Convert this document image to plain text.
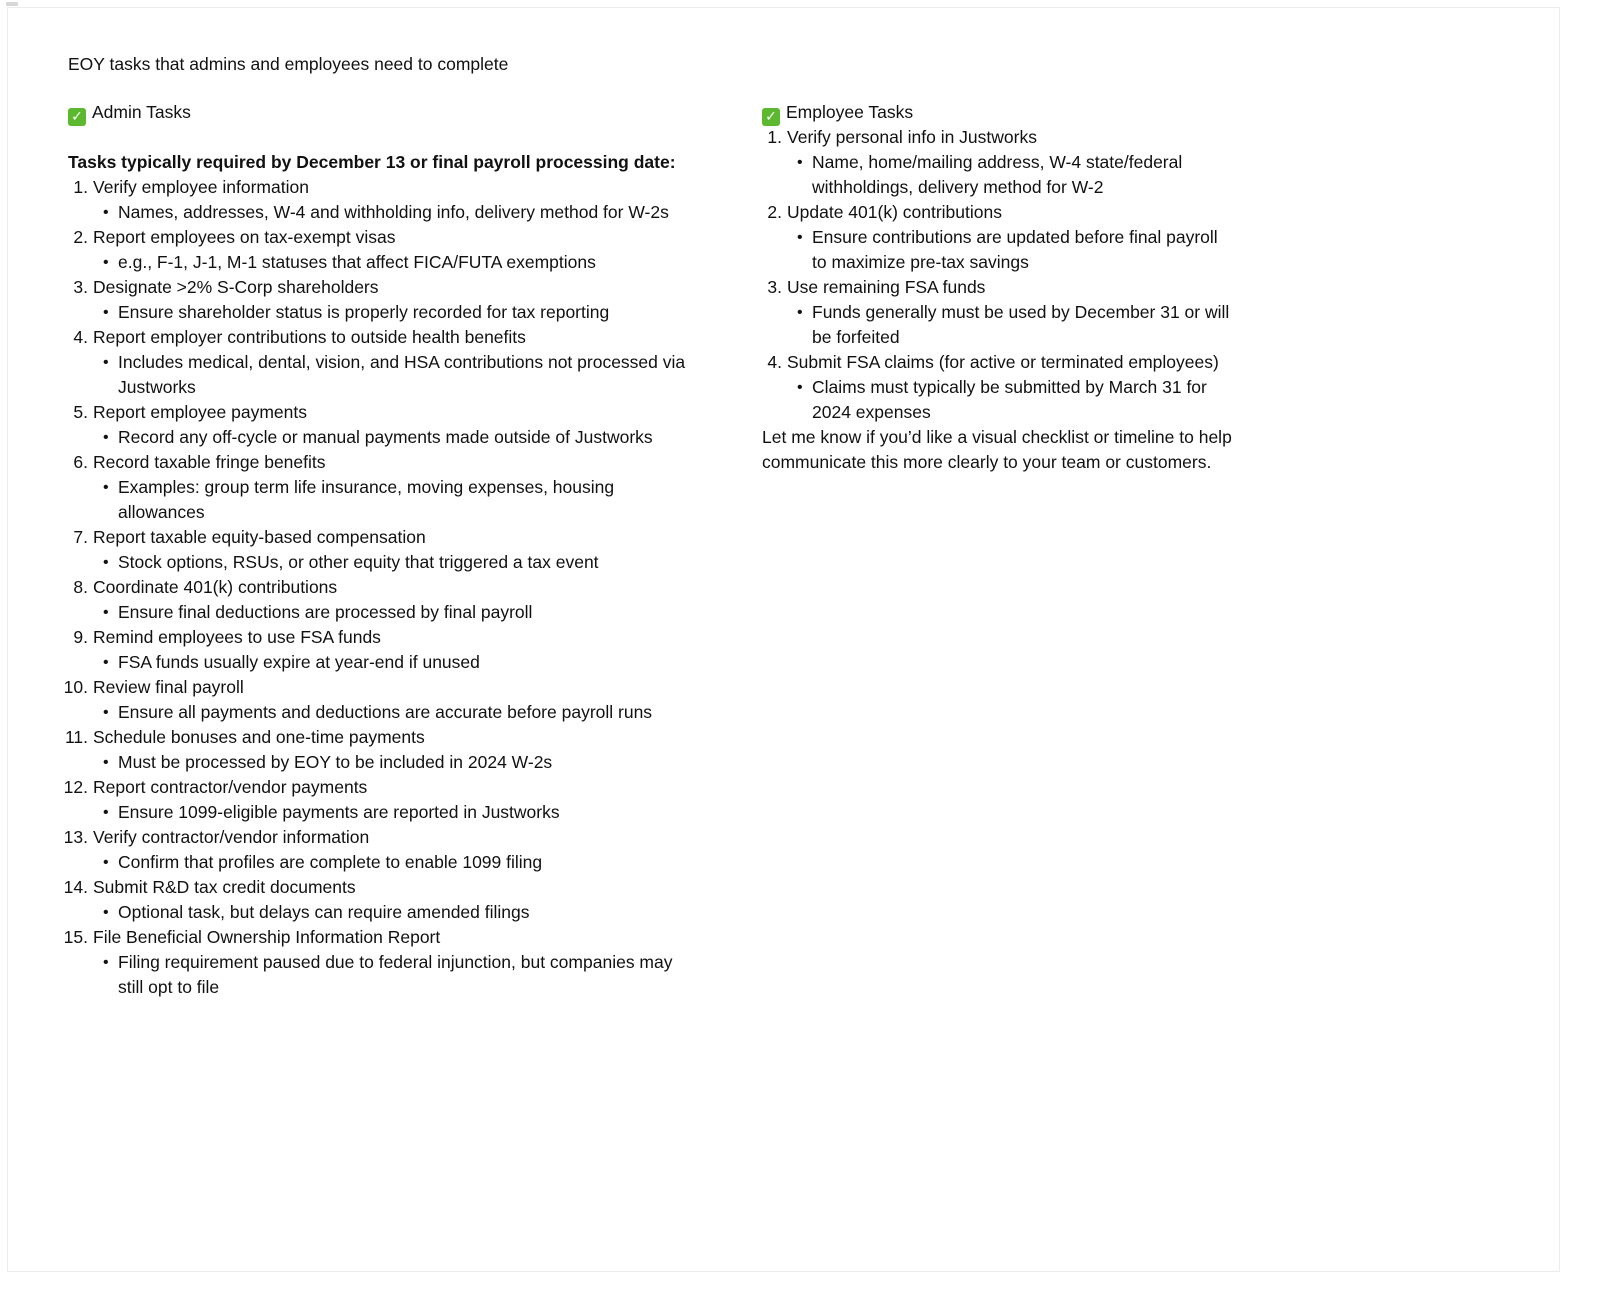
EOY tasks that admins and employees need to complete

✓ Admin Tasks

Tasks typically required by December 13 or final payroll processing date:

1. Verify employee information
• Names, addresses, W-4 and withholding info, delivery method for W-2s
2. Report employees on tax-exempt visas
• e.g., F-1, J-1, M-1 statuses that affect FICA/FUTA exemptions
3. Designate >2% S-Corp shareholders
• Ensure shareholder status is properly recorded for tax reporting
4. Report employer contributions to outside health benefits
• Includes medical, dental, vision, and HSA contributions not processed via Justworks
5. Report employee payments
• Record any off-cycle or manual payments made outside of Justworks
6. Record taxable fringe benefits
• Examples: group term life insurance, moving expenses, housing allowances
7. Report taxable equity-based compensation
• Stock options, RSUs, or other equity that triggered a tax event
8. Coordinate 401(k) contributions
• Ensure final deductions are processed by final payroll
9. Remind employees to use FSA funds
• FSA funds usually expire at year-end if unused
10. Review final payroll
• Ensure all payments and deductions are accurate before payroll runs
11. Schedule bonuses and one-time payments
• Must be processed by EOY to be included in 2024 W-2s
12. Report contractor/vendor payments
• Ensure 1099-eligible payments are reported in Justworks
13. Verify contractor/vendor information
• Confirm that profiles are complete to enable 1099 filing
14. Submit R&D tax credit documents
• Optional task, but delays can require amended filings
15. File Beneficial Ownership Information Report
• Filing requirement paused due to federal injunction, but companies may still opt to file
✓ Employee Tasks
1. Verify personal info in Justworks
• Name, home/mailing address, W-4 state/federal withholdings, delivery method for W-2
2. Update 401(k) contributions
• Ensure contributions are updated before final payroll to maximize pre-tax savings
3. Use remaining FSA funds
• Funds generally must be used by December 31 or will be forfeited
4. Submit FSA claims (for active or terminated employees)
• Claims must typically be submitted by March 31 for 2024 expenses

Let me know if you’d like a visual checklist or timeline to help communicate this more clearly to your team or customers.
